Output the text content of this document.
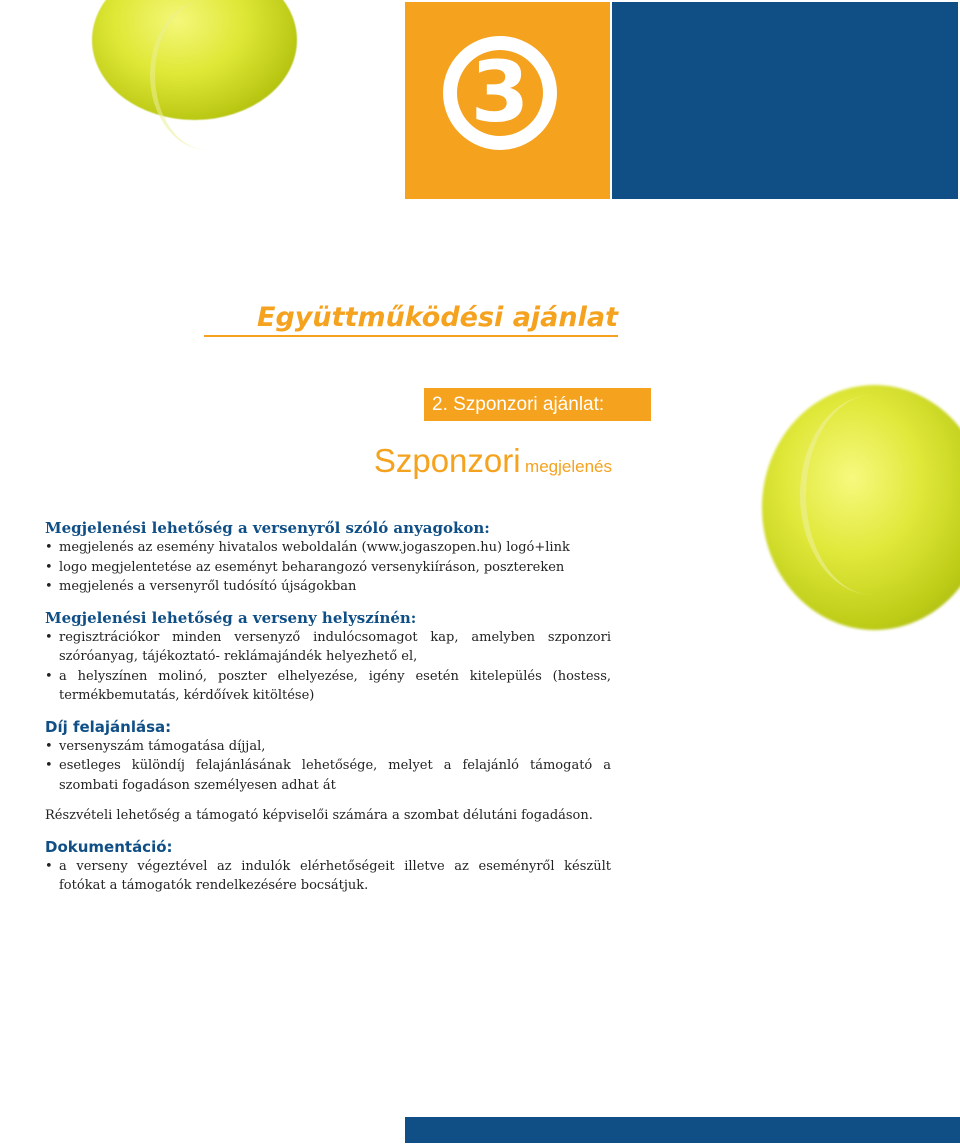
3
Együttműködési ajánlat
2. Szponzori ajánlat:
Szponzori megjelenés
Megjelenési lehetőség a versenyről szóló anyagokon:
• megjelenés az esemény hivatalos weboldalán (www.jogaszopen.hu) logó+link
• logo megjelentetése az eseményt beharangozó versenykiíráson, posztereken
• megjelenés a versenyről tudósító újságokban
Megjelenési lehetőség a verseny helyszínén:
• regisztrációkor minden versenyző indulócsomagot kap, amelyben szponzori szóróanyag, tájékoztató- reklámajándék helyezhető el,
• a helyszínen molinó, poszter elhelyezése, igény esetén kitelepülés (hostess, termékbemutatás, kérdőívek kitöltése)
Díj felajánlása:
• versenyszám támogatása díjjal,
• esetleges különdíj felajánlásának lehetősége, melyet a felajánló támogató a szombati fogadáson személyesen adhat át
Részvételi lehetőség a támogató képviselői számára a szombat délutáni fogadáson.
Dokumentáció:
• a verseny végeztével az indulók elérhetőségeit illetve az eseményről készült fotókat a támogatók rendelkezésére bocsátjuk.
